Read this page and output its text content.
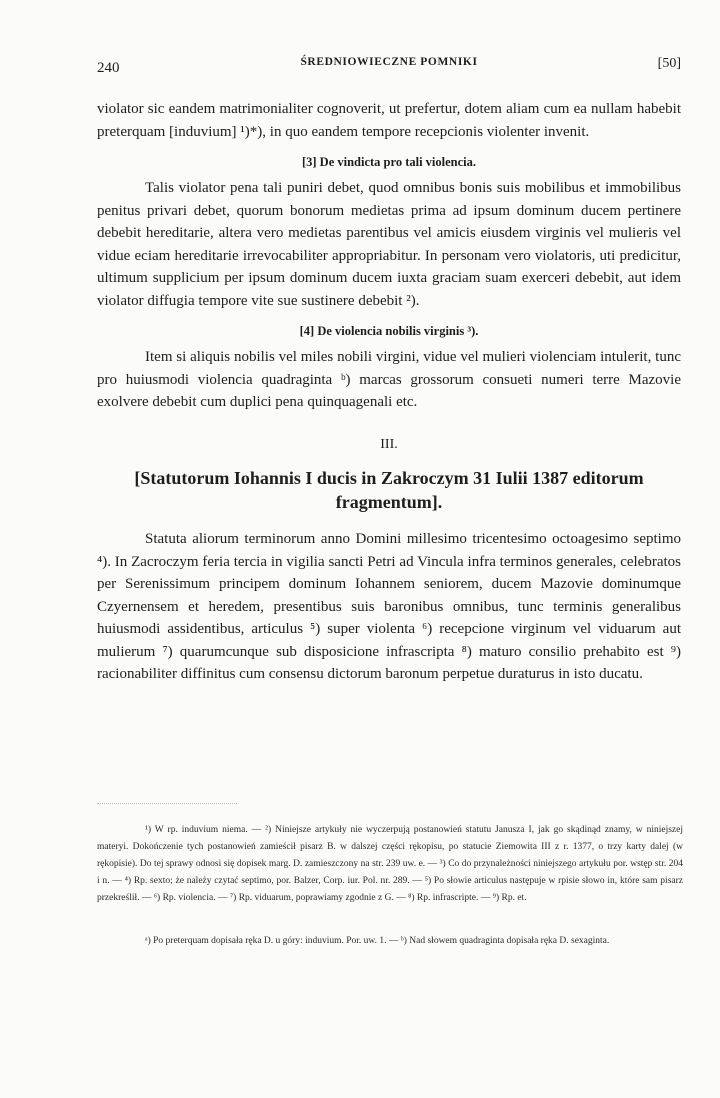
240	ŚREDNIOWIECZNE POMNIKI	[50]

violator sic eandem matrimonialiter cognoverit, ut prefertur, dotem aliam cum ea nullam habebit preterquam [induvium] ¹)*), in quo eandem tempore recepcionis violenter invenit.

[3] De vindicta pro tali violencia.

Talis violator pena tali puniri debet, quod omnibus bonis suis mobilibus et immobilibus penitus privari debet, quorum bonorum medietas prima ad ipsum dominum ducem pertinere debebit hereditarie, altera vero medietas parentibus vel amicis eiusdem virginis vel mulieris vel vidue eciam hereditarie irrevocabiliter appropriabitur. In personam vero violatoris, uti predicitur, ultimum supplicium per ipsum dominum ducem iuxta graciam suam exerceri debebit, aut idem violator diffugia tempore vite sue sustinere debebit ²).

[4] De violencia nobilis virginis ³).

Item si aliquis nobilis vel miles nobili virgini, vidue vel mulieri violenciam intulerit, tunc pro huiusmodi violencia quadraginta ᵇ) marcas grossorum consueti numeri terre Mazovie exolvere debebit cum duplici pena quinquagenali etc.

III.
[Statutorum Iohannis I ducis in Zakroczym 31 Iulii 1387 editorum fragmentum].

Statuta aliorum terminorum anno Domini millesimo tricentesimo octoagesimo septimo ⁴). In Zacroczym feria tercia in vigilia sancti Petri ad Vincula infra terminos generales, celebratos per Serenissimum principem dominum Iohannem seniorem, ducem Mazovie dominumque Czyernensem et heredem, presentibus suis baronibus omnibus, tunc terminis generalibus huiusmodi assidentibus, articulus ⁵) super violenta ⁶) recepcione virginum vel viduarum aut mulierum ⁷) quarumcunque sub disposicione infrascripta ⁸) maturo consilio prehabito est ⁹) racionabiliter diffinitus cum consensu dictorum baronum perpetue duraturus in isto ducatu.

¹) W rp. induvium niema. — ²) Niniejsze artykuły nie wyczerpują postanowień statutu Janusza I, jak go skądinąd znamy, w niniejszej materyi. Dokończenie tych postanowień zamieścił pisarz B. w dalszej części rękopisu, po statucie Ziemowita III z r. 1377, o trzy karty dalej (w rękopisie). Do tej sprawy odnosi się dopisek marg. D. zamieszczony na str. 239 uw. e. — ³) Co do przynależności niniejszego artykułu por. wstęp str. 204 i n. — ⁴) Rp. sexto; że należy czytać septimo, por. Balzer, Corp. iur. Pol. nr. 289. — ⁵) Po słowie articulus następuje w rpisie słowo in, które sam pisarz przekreślił. — ⁶) Rp. violencia. — ⁷) Rp. viduarum, poprawiamy zgodnie z G. — ⁸) Rp. infrascripte. — ⁹) Rp. et.

ᵃ) Po preterquam dopisała ręka D. u góry: induvium. Por. uw. 1. — ᵇ) Nad słowem quadraginta dopisała ręka D. sexaginta.
